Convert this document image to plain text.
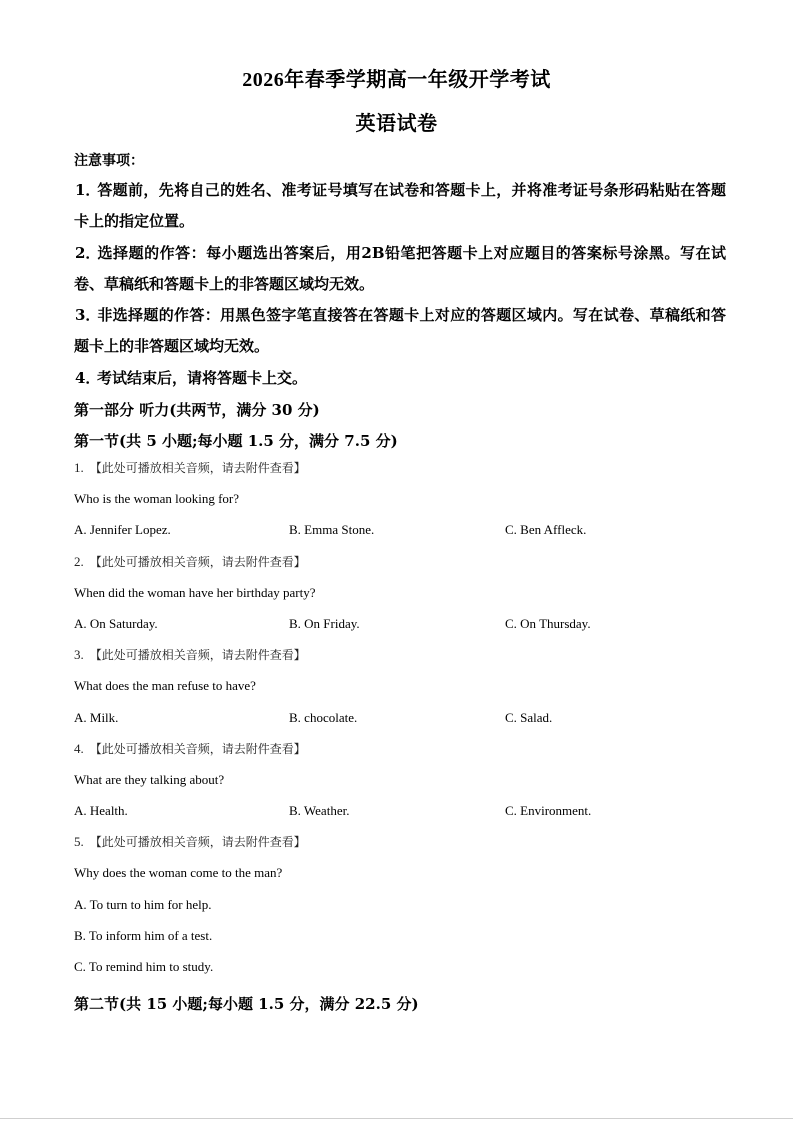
2026年春季学期高一年级开学考试
英语试卷
注意事项：

1．答题前，先将自己的姓名、准考证号填写在试卷和答题卡上，并将准考证号条形码粘贴在答题卡上的指定位置。

2．选择题的作答：每小题选出答案后，用2B铅笔把答题卡上对应题目的答案标号涂黑。写在试卷、草稿纸和答题卡上的非答题区域均无效。

3．非选择题的作答：用黑色签字笔直接答在答题卡上对应的答题区域内。写在试卷、草稿纸和答题卡上的非答题区域均无效。

4．考试结束后，请将答题卡上交。

第一部分 听力(共两节，满分 30 分)
第一节(共 5 小题;每小题 1.5 分，满分 7.5 分)
1. 【此处可播放相关音频，请去附件查看】
Who is the woman looking for?
A. Jennifer Lopez.	B. Emma Stone.	C. Ben Affleck.
2. 【此处可播放相关音频，请去附件查看】
When did the woman have her birthday party?
A. On Saturday.	B. On Friday.	C. On Thursday.
3. 【此处可播放相关音频，请去附件查看】
What does the man refuse to have?
A. Milk.	B. chocolate.	C. Salad.
4. 【此处可播放相关音频，请去附件查看】
What are they talking about?
A. Health.	B. Weather.	C. Environment.
5. 【此处可播放相关音频，请去附件查看】
Why does the woman come to the man?
A. To turn to him for help.
B. To inform him of a test.
C. To remind him to study.
第二节(共 15 小题;每小题 1.5 分，满分 22.5 分)
